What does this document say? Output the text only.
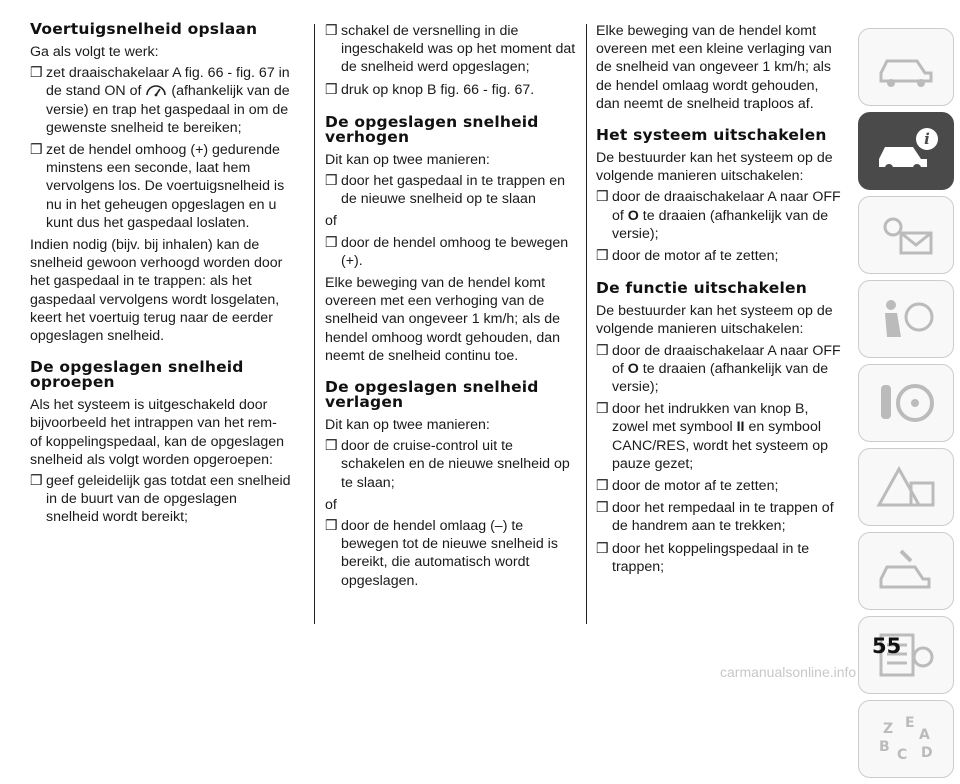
Voertuigsnelheid opslaan

Ga als volgt te werk:

❒ zet draaischakelaar A fig. 66 - fig. 67 in de stand ON of (afhankelijk van de versie) en trap het gaspedaal in om de gewenste snelheid te bereiken;

❒ zet de hendel omhoog (+) gedurende minstens een seconde, laat hem vervolgens los. De voertuigsnelheid is nu in het geheugen opgeslagen en u kunt dus het gaspedaal loslaten.

Indien nodig (bijv. bij inhalen) kan de snelheid gewoon verhoogd worden door het gaspedaal in te trappen: als het gaspedaal vervolgens wordt losgelaten, keert het voertuig terug naar de eerder opgeslagen snelheid.

De opgeslagen snelheid oproepen

Als het systeem is uitgeschakeld door bijvoorbeeld het intrappen van het rem- of koppelingspedaal, kan de opgeslagen snelheid als volgt worden opgeroepen:

❒ geef geleidelijk gas totdat een snelheid in de buurt van de opgeslagen snelheid wordt bereikt;

❒ schakel de versnelling in die ingeschakeld was op het moment dat de snelheid werd opgeslagen;

❒ druk op knop B fig. 66 - fig. 67.

De opgeslagen snelheid verhogen

Dit kan op twee manieren:

❒ door het gaspedaal in te trappen en de nieuwe snelheid op te slaan

of

❒ door de hendel omhoog te bewegen (+).

Elke beweging van de hendel komt overeen met een verhoging van de snelheid van ongeveer 1 km/h; als de hendel omhoog wordt gehouden, dan neemt de snelheid continu toe.

De opgeslagen snelheid verlagen

Dit kan op twee manieren:

❒ door de cruise-control uit te schakelen en de nieuwe snelheid op te slaan;

of

❒ door de hendel omlaag (–) te bewegen tot de nieuwe snelheid is bereikt, die automatisch wordt opgeslagen.

Elke beweging van de hendel komt overeen met een kleine verlaging van de snelheid van ongeveer 1 km/h; als de hendel omlaag wordt gehouden, dan neemt de snelheid traploos af.

Het systeem uitschakelen

De bestuurder kan het systeem op de volgende manieren uitschakelen:

❒ door de draaischakelaar A naar OFF of O te draaien (afhankelijk van de versie);

❒ door de motor af te zetten;

De functie uitschakelen

De bestuurder kan het systeem op de volgende manieren uitschakelen:

❒ door de draaischakelaar A naar OFF of O te draaien (afhankelijk van de versie);

❒ door het indrukken van knop B, zowel met symbool II en symbool CANC/RES, wordt het systeem op pauze gezet;

❒ door de motor af te zetten;

❒ door het rempedaal in te trappen of de handrem aan te trekken;

❒ door het koppelingspedaal in te trappen;

i
Z E
A
B C D
55
carmanualsonline.info
